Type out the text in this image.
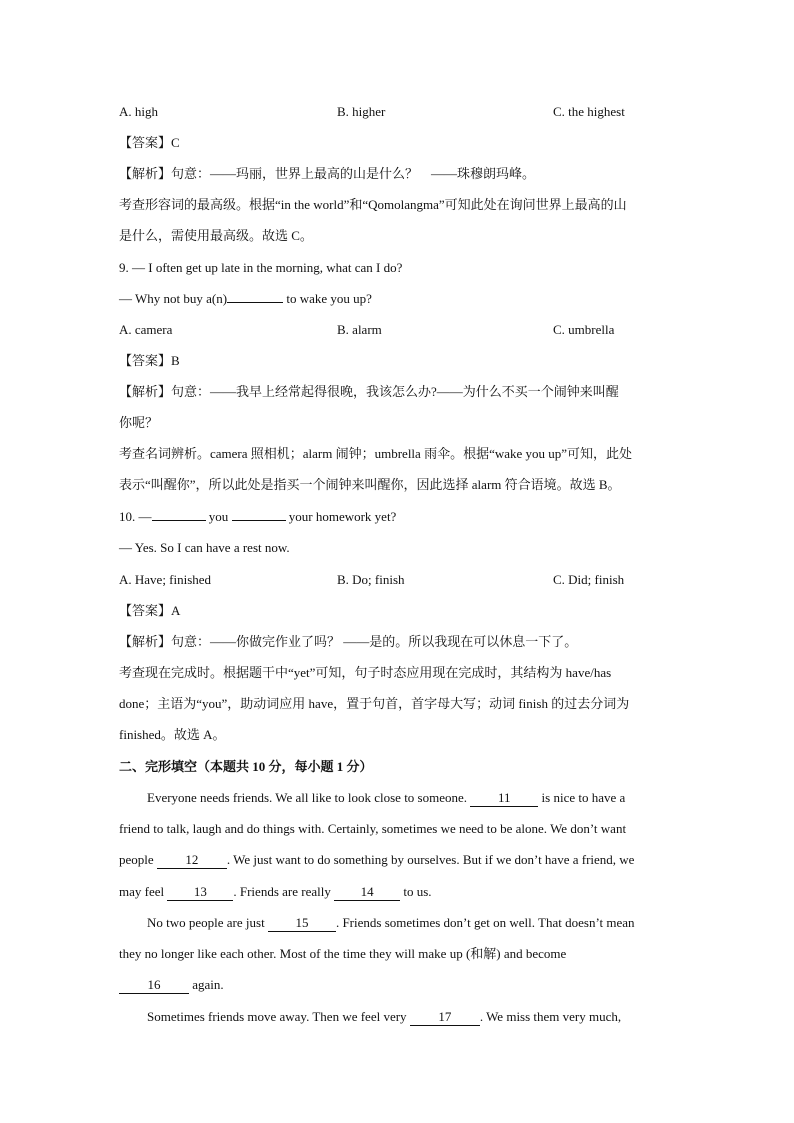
A. high	B. higher	C. the highest
【答案】C
【解析】句意：——玛丽，世界上最高的山是什么？　——珠穆朗玛峰。
考查形容词的最高级。根据“in the world”和“Qomolangma”可知此处在询问世界上最高的山
是什么，需使用最高级。故选 C。
9. — I often get up late in the morning, what can I do?
— Why not buy a(n)	to wake you up?
A. camera	B. alarm	C. umbrella
【答案】B
【解析】句意：——我早上经常起得很晚，我该怎么办?——为什么不买一个闹钟来叫醒
你呢？
考查名词辨析。camera 照相机；alarm 闹钟；umbrella 雨伞。根据“wake you up”可知，此处
表示“叫醒你”，所以此处是指买一个闹钟来叫醒你，因此选择 alarm 符合语境。故选 B。
10. —	you	your homework yet?
— Yes. So I can have a rest now.
A. Have; finished	B. Do; finish	C. Did; finish
【答案】A
【解析】句意：——你做完作业了吗？ ——是的。所以我现在可以休息一下了。
考查现在完成时。根据题干中“yet”可知，句子时态应用现在完成时，其结构为 have/has
done；主语为“you”，助动词应用 have，置于句首，首字母大写；动词 finish 的过去分词为
finished。故选 A。
二、完形填空（本题共 10 分，每小题 1 分）
Everyone needs friends. We all like to look close to someone. 11 is nice to have a
friend to talk, laugh and do things with. Certainly, sometimes we need to be alone. We don’t want
people 12 . We just want to do something by ourselves. But if we don’t have a friend, we
may feel 13 . Friends are really 14 to us.
No two people are just 15 . Friends sometimes don’t get on well. That doesn’t mean
they no longer like each other. Most of the time they will make up (和解) and become
16 again.
Sometimes friends move away. Then we feel very 17 . We miss them very much,
